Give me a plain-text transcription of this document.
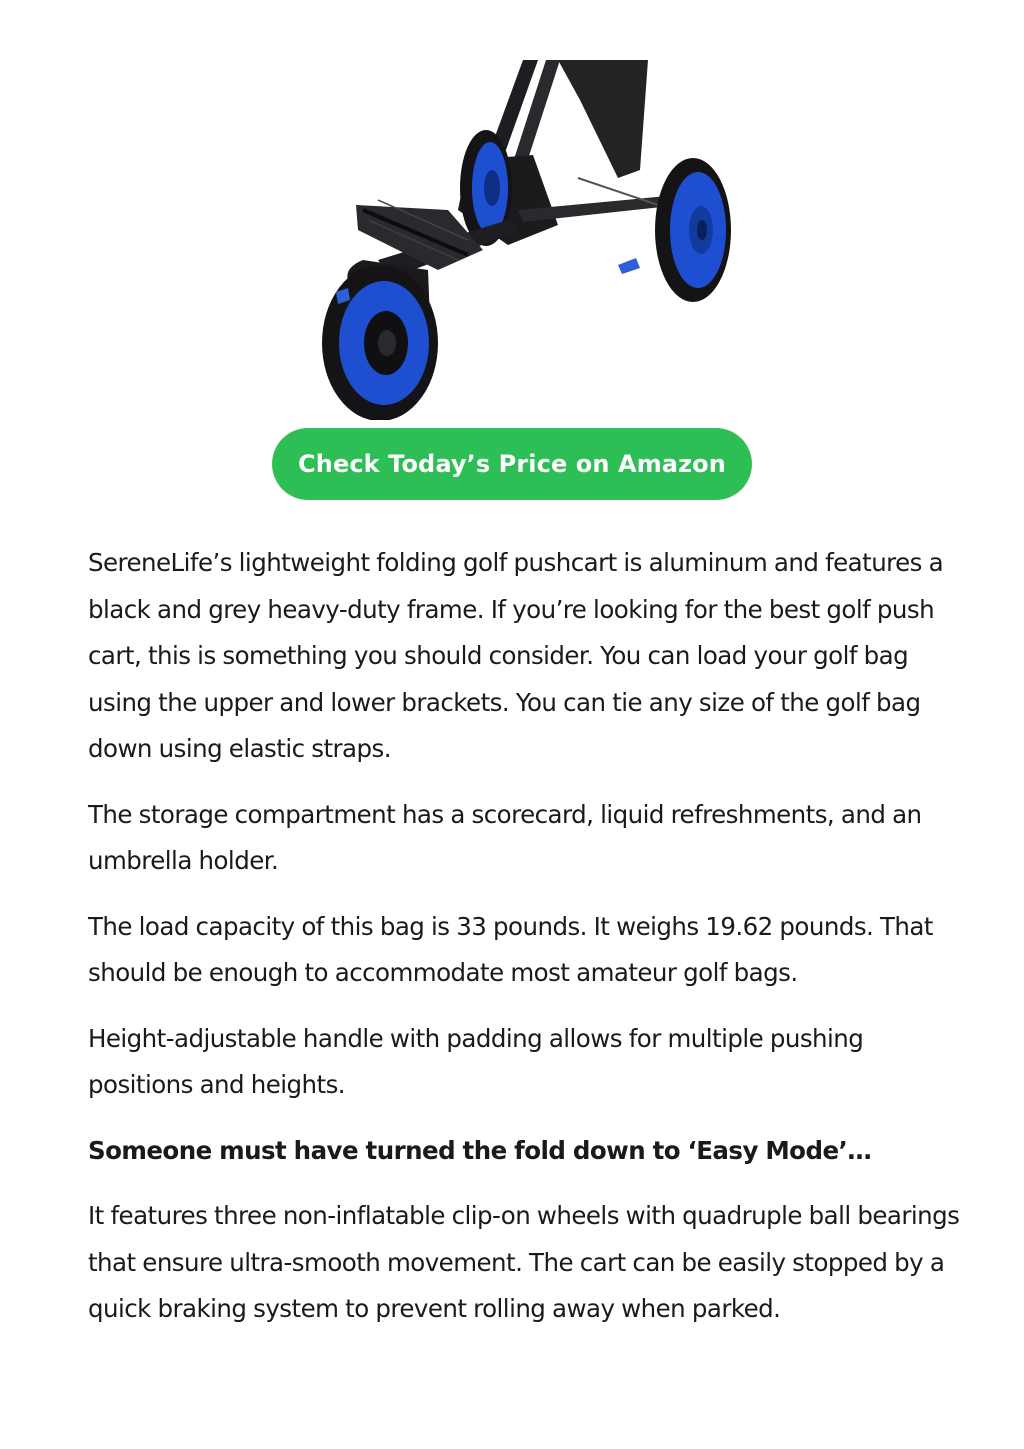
Check Today’s Price on Amazon

SereneLife’s lightweight folding golf pushcart is aluminum and features a black and grey heavy-duty frame. If you’re looking for the best golf push cart, this is something you should consider. You can load your golf bag using the upper and lower brackets. You can tie any size of the golf bag down using elastic straps.

The storage compartment has a scorecard, liquid refreshments, and an umbrella holder.

The load capacity of this bag is 33 pounds. It weighs 19.62 pounds. That should be enough to accommodate most amateur golf bags.

Height-adjustable handle with padding allows for multiple pushing positions and heights.

Someone must have turned the fold down to ‘Easy Mode’…

It features three non-inflatable clip-on wheels with quadruple ball bearings that ensure ultra-smooth movement. The cart can be easily stopped by a quick braking system to prevent rolling away when parked.
